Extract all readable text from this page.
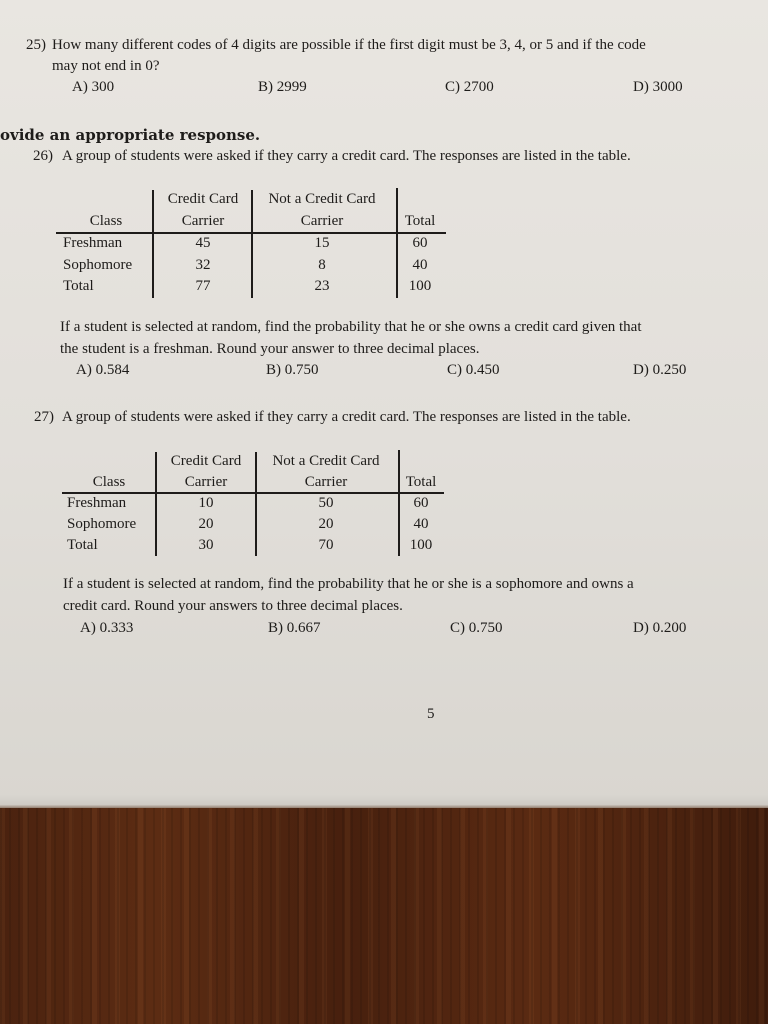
25) How many different codes of 4 digits are possible if the first digit must be 3, 4, or 5 and if the code
may not end in 0?
A) 300	B) 2999	C) 2700	D) 3000
ovide an appropriate response.
26) A group of students were asked if they carry a credit card. The responses are listed in the table.
Credit Card	Not a Credit Card
Class	Carrier	Carrier	Total
Freshman	45	15	60
Sophomore	32	8	40
Total	77	23	100
If a student is selected at random, find the probability that he or she owns a credit card given that
the student is a freshman. Round your answer to three decimal places.
A) 0.584	B) 0.750	C) 0.450	D) 0.250
27) A group of students were asked if they carry a credit card. The responses are listed in the table.
Credit Card	Not a Credit Card
Class	Carrier	Carrier	Total
Freshman	10	50	60
Sophomore	20	20	40
Total	30	70	100
If a student is selected at random, find the probability that he or she is a sophomore and owns a
credit card. Round your answers to three decimal places.
A) 0.333	B) 0.667	C) 0.750	D) 0.200
5
